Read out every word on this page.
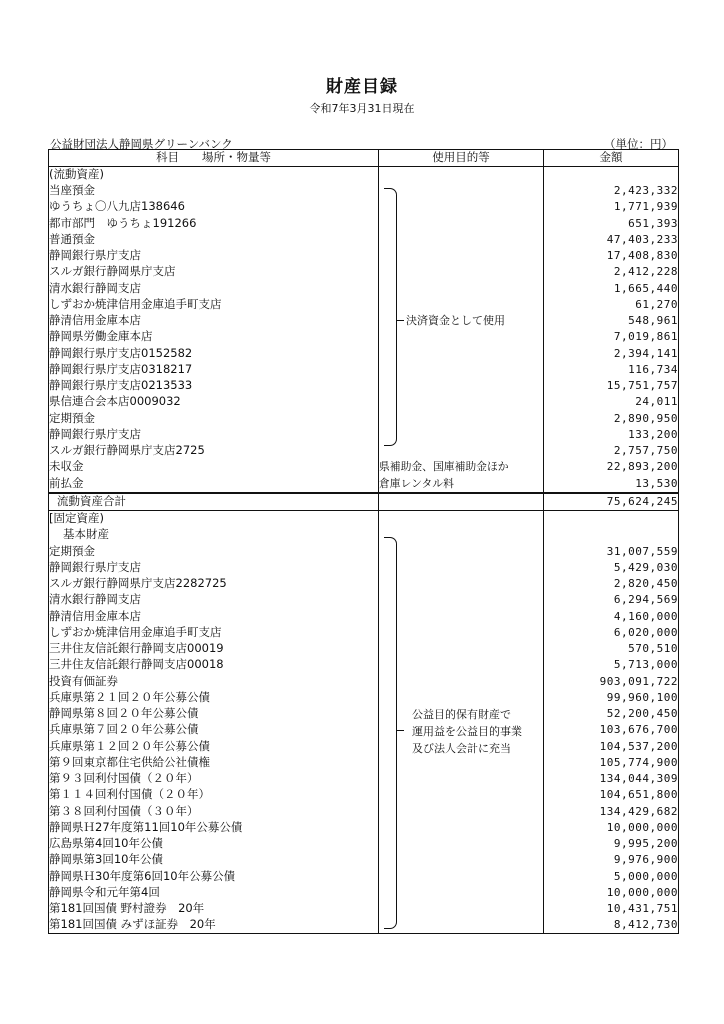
財産目録
令和7年3月31日現在
公益財団法人静岡県グリーンバンク	（単位：円）
科目　　場所・物量等	使用目的等	金額
(流動資産)		
当座預金		2,423,332
ゆうちょ〇八九店138646		1,771,939
都市部門　ゆうちょ191266		651,393
普通預金		47,403,233
静岡銀行県庁支店		17,408,830
スルガ銀行静岡県庁支店		2,412,228
清水銀行静岡支店		1,665,440
しずおか焼津信用金庫追手町支店		61,270
静清信用金庫本店		548,961
静岡県労働金庫本店		7,019,861
静岡銀行県庁支店0152582		2,394,141
静岡銀行県庁支店0318217		116,734
静岡銀行県庁支店0213533		15,751,757
県信連合会本店0009032		24,011
定期預金		2,890,950
静岡銀行県庁支店		133,200
スルガ銀行静岡県庁支店2725		2,757,750
未収金	県補助金、国庫補助金ほか	22,893,200
前払金	倉庫レンタル料	13,530
流動資産合計		75,624,245
[固定資産)		
基本財産		
定期預金		31,007,559
静岡銀行県庁支店		5,429,030
スルガ銀行静岡県庁支店2282725		2,820,450
清水銀行静岡支店		6,294,569
静清信用金庫本店		4,160,000
しずおか焼津信用金庫追手町支店		6,020,000
三井住友信託銀行静岡支店00019		570,510
三井住友信託銀行静岡支店00018		5,713,000
投資有価証券		903,091,722
兵庫県第２１回２０年公募公債		99,960,100
静岡県第８回２０年公募公債		52,200,450
兵庫県第７回２０年公募公債		103,676,700
兵庫県第１２回２０年公募公債		104,537,200
第９回東京都住宅供給公社債権		105,774,900
第９３回利付国債（２０年）		134,044,309
第１１４回利付国債（２０年）		104,651,800
第３８回利付国債（３０年）		134,429,682
静岡県Ｈ27年度第11回10年公募公債		10,000,000
広島県第4回10年公債		9,995,200
静岡県第3回10年公債		9,976,900
静岡県Ｈ30年度第6回10年公募公債		5,000,000
静岡県令和元年第4回		10,000,000
第181回国債 野村證券　20年		10,431,751
第181回国債 みずほ証券　20年		8,412,730
決済資金として使用
公益目的保有財産で
運用益を公益目的事業
及び法人会計に充当
